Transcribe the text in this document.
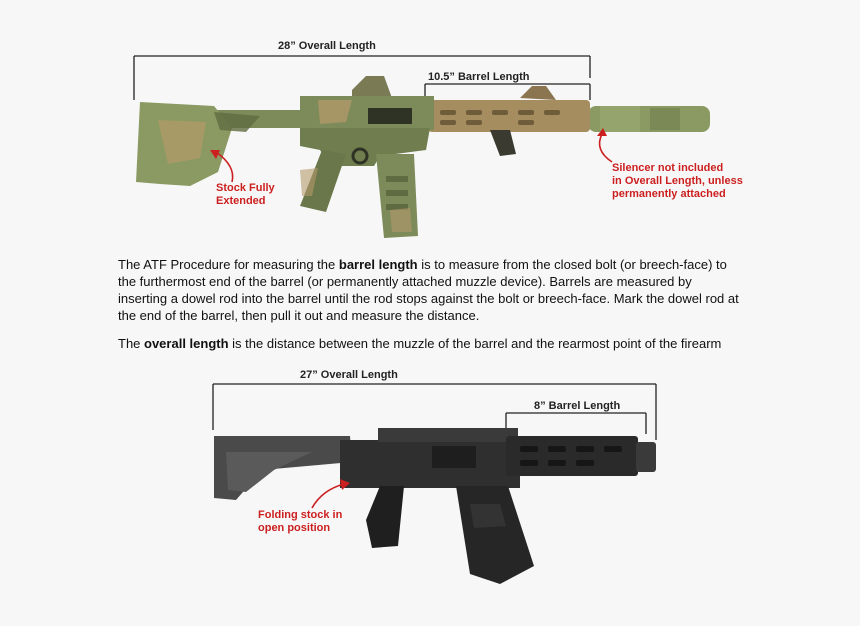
28” Overall Length
10.5” Barrel Length
Stock Fully
Extended
Silencer not included
in Overall Length, unless
permanently attached
The ATF Procedure for measuring the barrel length is to measure from the closed bolt (or breech-face) to the furthermost end of the barrel (or permanently attached muzzle device). Barrels are measured by inserting a dowel rod into the barrel until the rod stops against the bolt or breech-face. Mark the dowel rod at the end of the barrel, then pull it out and measure the distance.
The overall length is the distance between the muzzle of the barrel and the rearmost point of the firearm
27” Overall Length
8” Barrel Length
Folding stock in
open position
